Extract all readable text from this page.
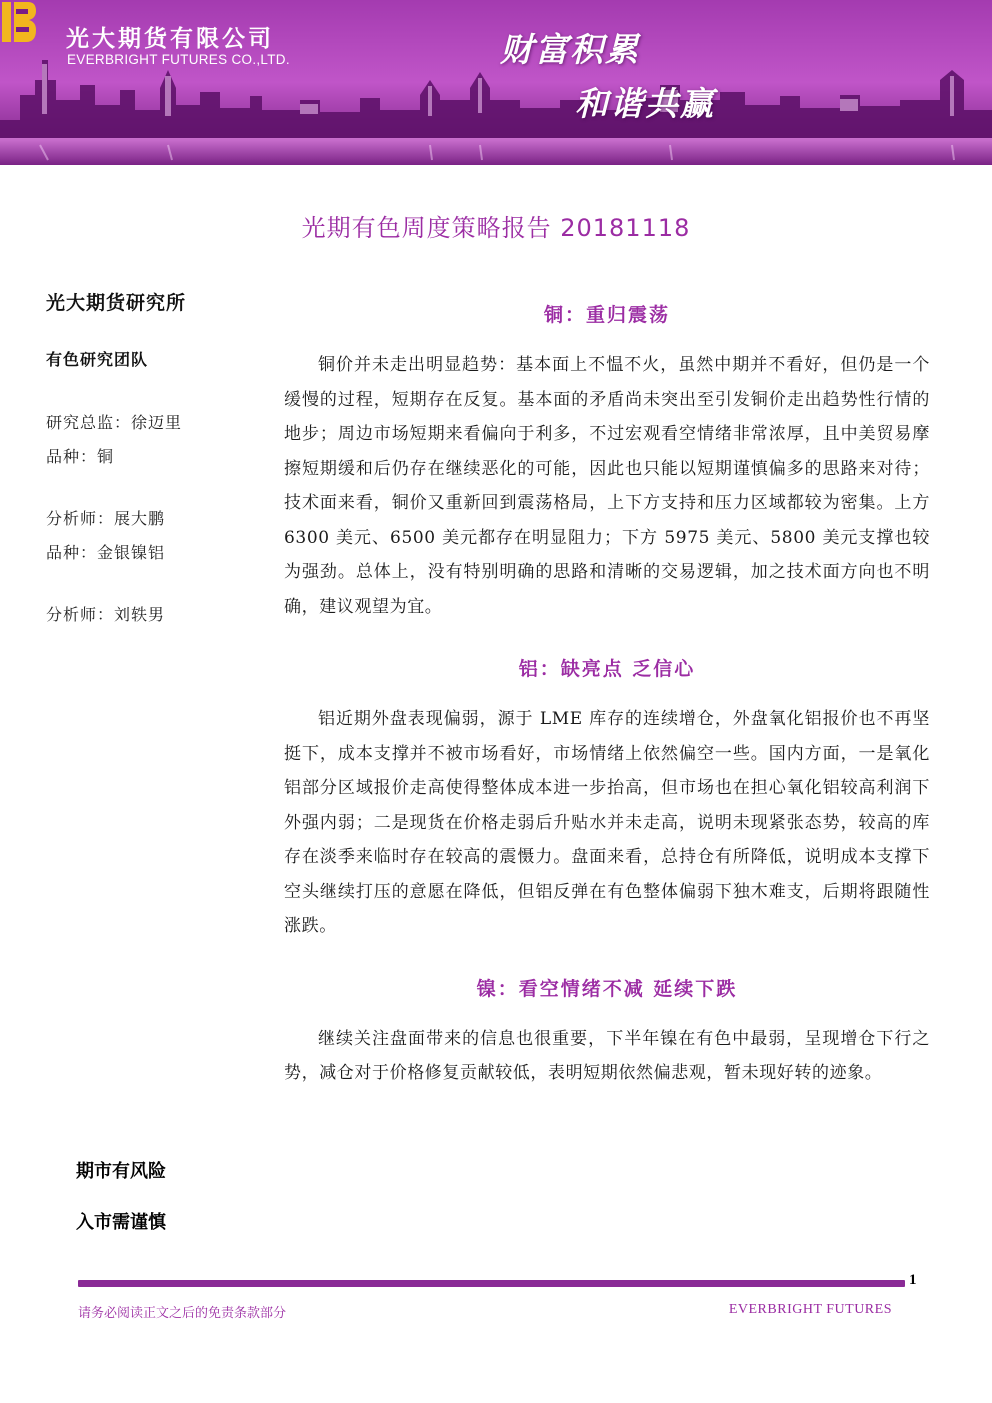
光大期货有限公司
EVERBRIGHT FUTURES CO.,LTD.	财富积累
和谐共赢
光期有色周度策略报告 20181118
光大期货研究所
有色研究团队
研究总监：徐迈里
品种：铜
分析师：展大鹏
品种：金银镍铝
分析师：刘轶男
期市有风险
入市需谨慎
铜：重归震荡

铜价并未走出明显趋势：基本面上不愠不火，虽然中期并不看好，但仍是一个缓慢的过程，短期存在反复。基本面的矛盾尚未突出至引发铜价走出趋势性行情的地步；周边市场短期来看偏向于利多，不过宏观看空情绪非常浓厚，且中美贸易摩擦短期缓和后仍存在继续恶化的可能，因此也只能以短期谨慎偏多的思路来对待；技术面来看，铜价又重新回到震荡格局，上下方支持和压力区域都较为密集。上方 6300 美元、6500 美元都存在明显阻力；下方 5975 美元、5800 美元支撑也较为强劲。总体上，没有特别明确的思路和清晰的交易逻辑，加之技术面方向也不明确，建议观望为宜。

铝：缺亮点 乏信心

铝近期外盘表现偏弱，源于 LME 库存的连续增仓，外盘氧化铝报价也不再坚挺下，成本支撑并不被市场看好，市场情绪上依然偏空一些。国内方面，一是氧化铝部分区域报价走高使得整体成本进一步抬高，但市场也在担心氧化铝较高利润下外强内弱；二是现货在价格走弱后升贴水并未走高，说明未现紧张态势，较高的库存在淡季来临时存在较高的震慑力。盘面来看，总持仓有所降低，说明成本支撑下空头继续打压的意愿在降低，但铝反弹在有色整体偏弱下独木难支，后期将跟随性涨跌。

镍：看空情绪不减 延续下跌

继续关注盘面带来的信息也很重要，下半年镍在有色中最弱，呈现增仓下行之势，减仓对于价格修复贡献较低，表明短期依然偏悲观，暂未现好转的迹象。

1
请务必阅读正文之后的免责条款部分	EVERBRIGHT FUTURES
